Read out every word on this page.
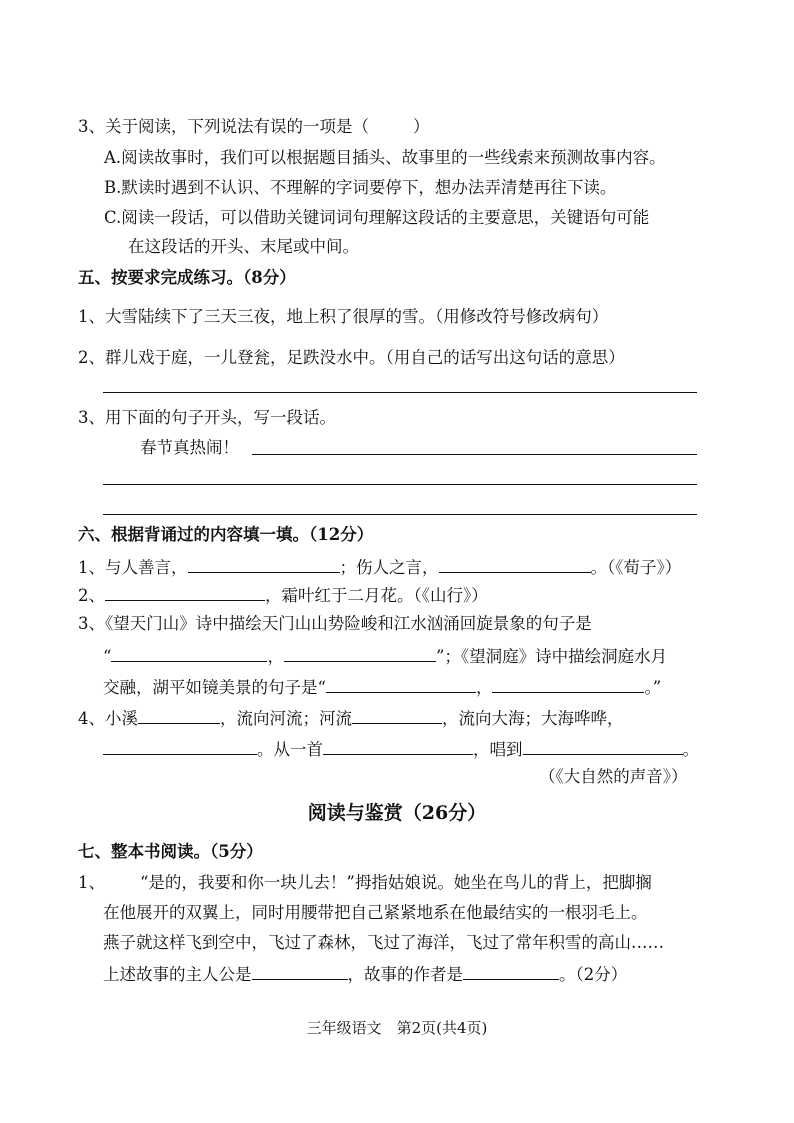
3、关于阅读，下列说法有误的一项是（	）
A.阅读故事时，我们可以根据题目插头、故事里的一些线索来预测故事内容。
B.默读时遇到不认识、不理解的字词要停下，想办法弄清楚再往下读。
C.阅读一段话，可以借助关键词词句理解这段话的主要意思，关键语句可能
在这段话的开头、末尾或中间。
五、按要求完成练习。（8分）
1、大雪陆续下了三天三夜，地上积了很厚的雪。（用修改符号修改病句）
2、群儿戏于庭，一儿登瓮，足跌没水中。（用自己的话写出这句话的意思）
3、用下面的句子开头，写一段话。
春节真热闹！
六、根据背诵过的内容填一填。（12分）
1、与人善言，	；伤人之言，	。（《荀子》）
2、	，霜叶红于二月花。（《山行》）
3、《望天门山》诗中描绘天门山山势险峻和江水汹涌回旋景象的句子是
“	，	”；《望洞庭》诗中描绘洞庭水月
交融，湖平如镜美景的句子是“	，	。”
4、小溪	，流向河流；河流	，流向大海；大海哗哗，
。从一首	，唱到	。
（《大自然的声音》）
阅读与鉴赏（26分）
七、整本书阅读。（5分）
1、 “是的，我要和你一块儿去！”拇指姑娘说。她坐在鸟儿的背上，把脚搁
在他展开的双翼上，同时用腰带把自己紧紧地系在他最结实的一根羽毛上。
燕子就这样飞到空中，飞过了森林，飞过了海洋，飞过了常年积雪的高山……
上述故事的主人公是	，故事的作者是	。（2分）
三年级语文　第2页(共4页)
